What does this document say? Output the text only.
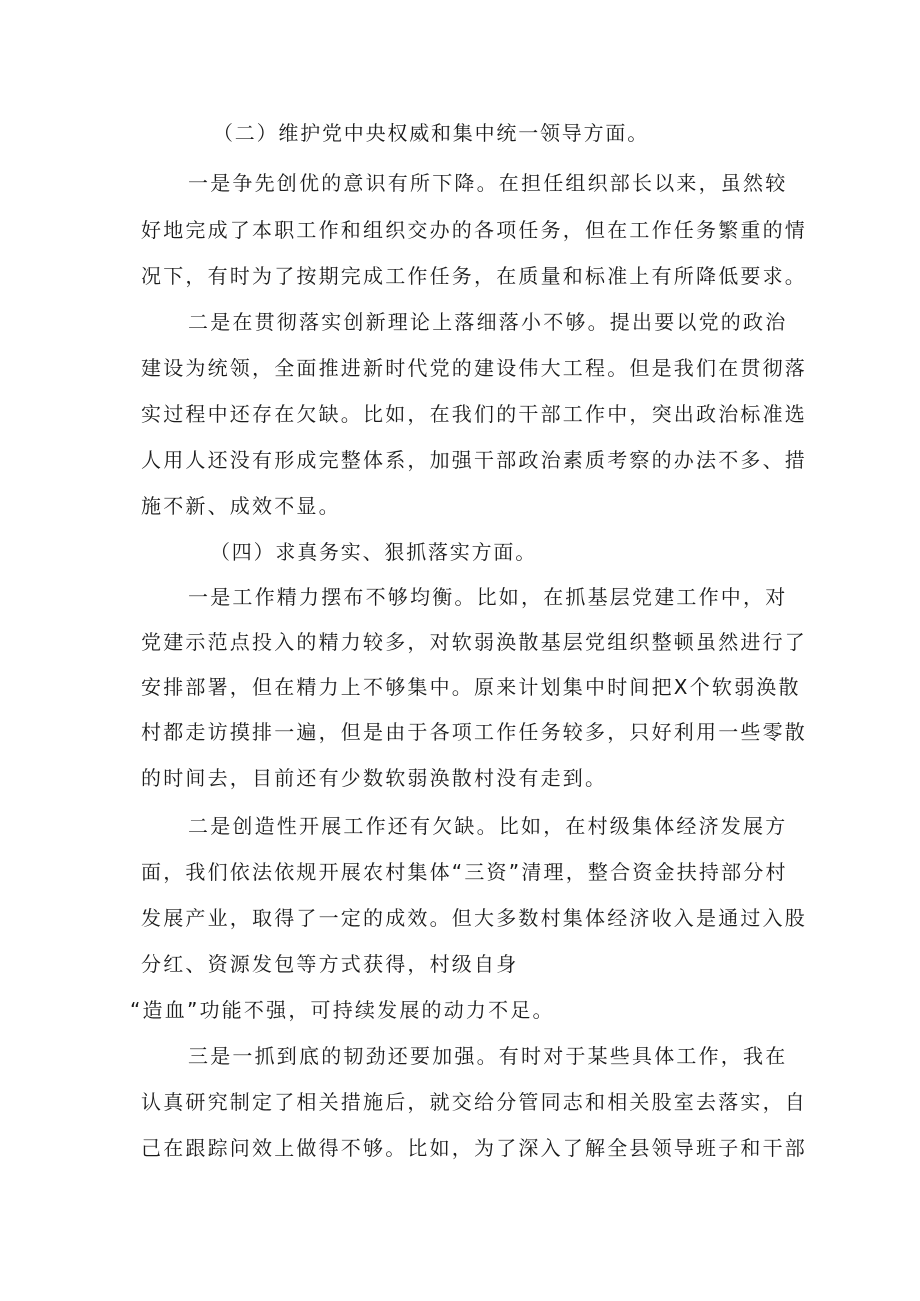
（二）维护党中央权威和集中统一领导方面。
一是争先创优的意识有所下降。在担任组织部长以来，虽然较
好地完成了本职工作和组织交办的各项任务，但在工作任务繁重的情
况下，有时为了按期完成工作任务，在质量和标准上有所降低要求。
二是在贯彻落实创新理论上落细落小不够。提出要以党的政治
建设为统领，全面推进新时代党的建设伟大工程。但是我们在贯彻落
实过程中还存在欠缺。比如，在我们的干部工作中，突出政治标准选
人用人还没有形成完整体系，加强干部政治素质考察的办法不多、措
施不新、成效不显。
（四）求真务实、狠抓落实方面。
一是工作精力摆布不够均衡。比如，在抓基层党建工作中，对
党建示范点投入的精力较多，对软弱涣散基层党组织整顿虽然进行了
安排部署，但在精力上不够集中。原来计划集中时间把X个软弱涣散
村都走访摸排一遍，但是由于各项工作任务较多，只好利用一些零散
的时间去，目前还有少数软弱涣散村没有走到。
二是创造性开展工作还有欠缺。比如，在村级集体经济发展方
面，我们依法依规开展农村集体“三资”清理，整合资金扶持部分村
发展产业，取得了一定的成效。但大多数村集体经济收入是通过入股
分红、资源发包等方式获得，村级自身
“造血”功能不强，可持续发展的动力不足。
三是一抓到底的韧劲还要加强。有时对于某些具体工作，我在
认真研究制定了相关措施后，就交给分管同志和相关股室去落实，自
己在跟踪问效上做得不够。比如，为了深入了解全县领导班子和干部
